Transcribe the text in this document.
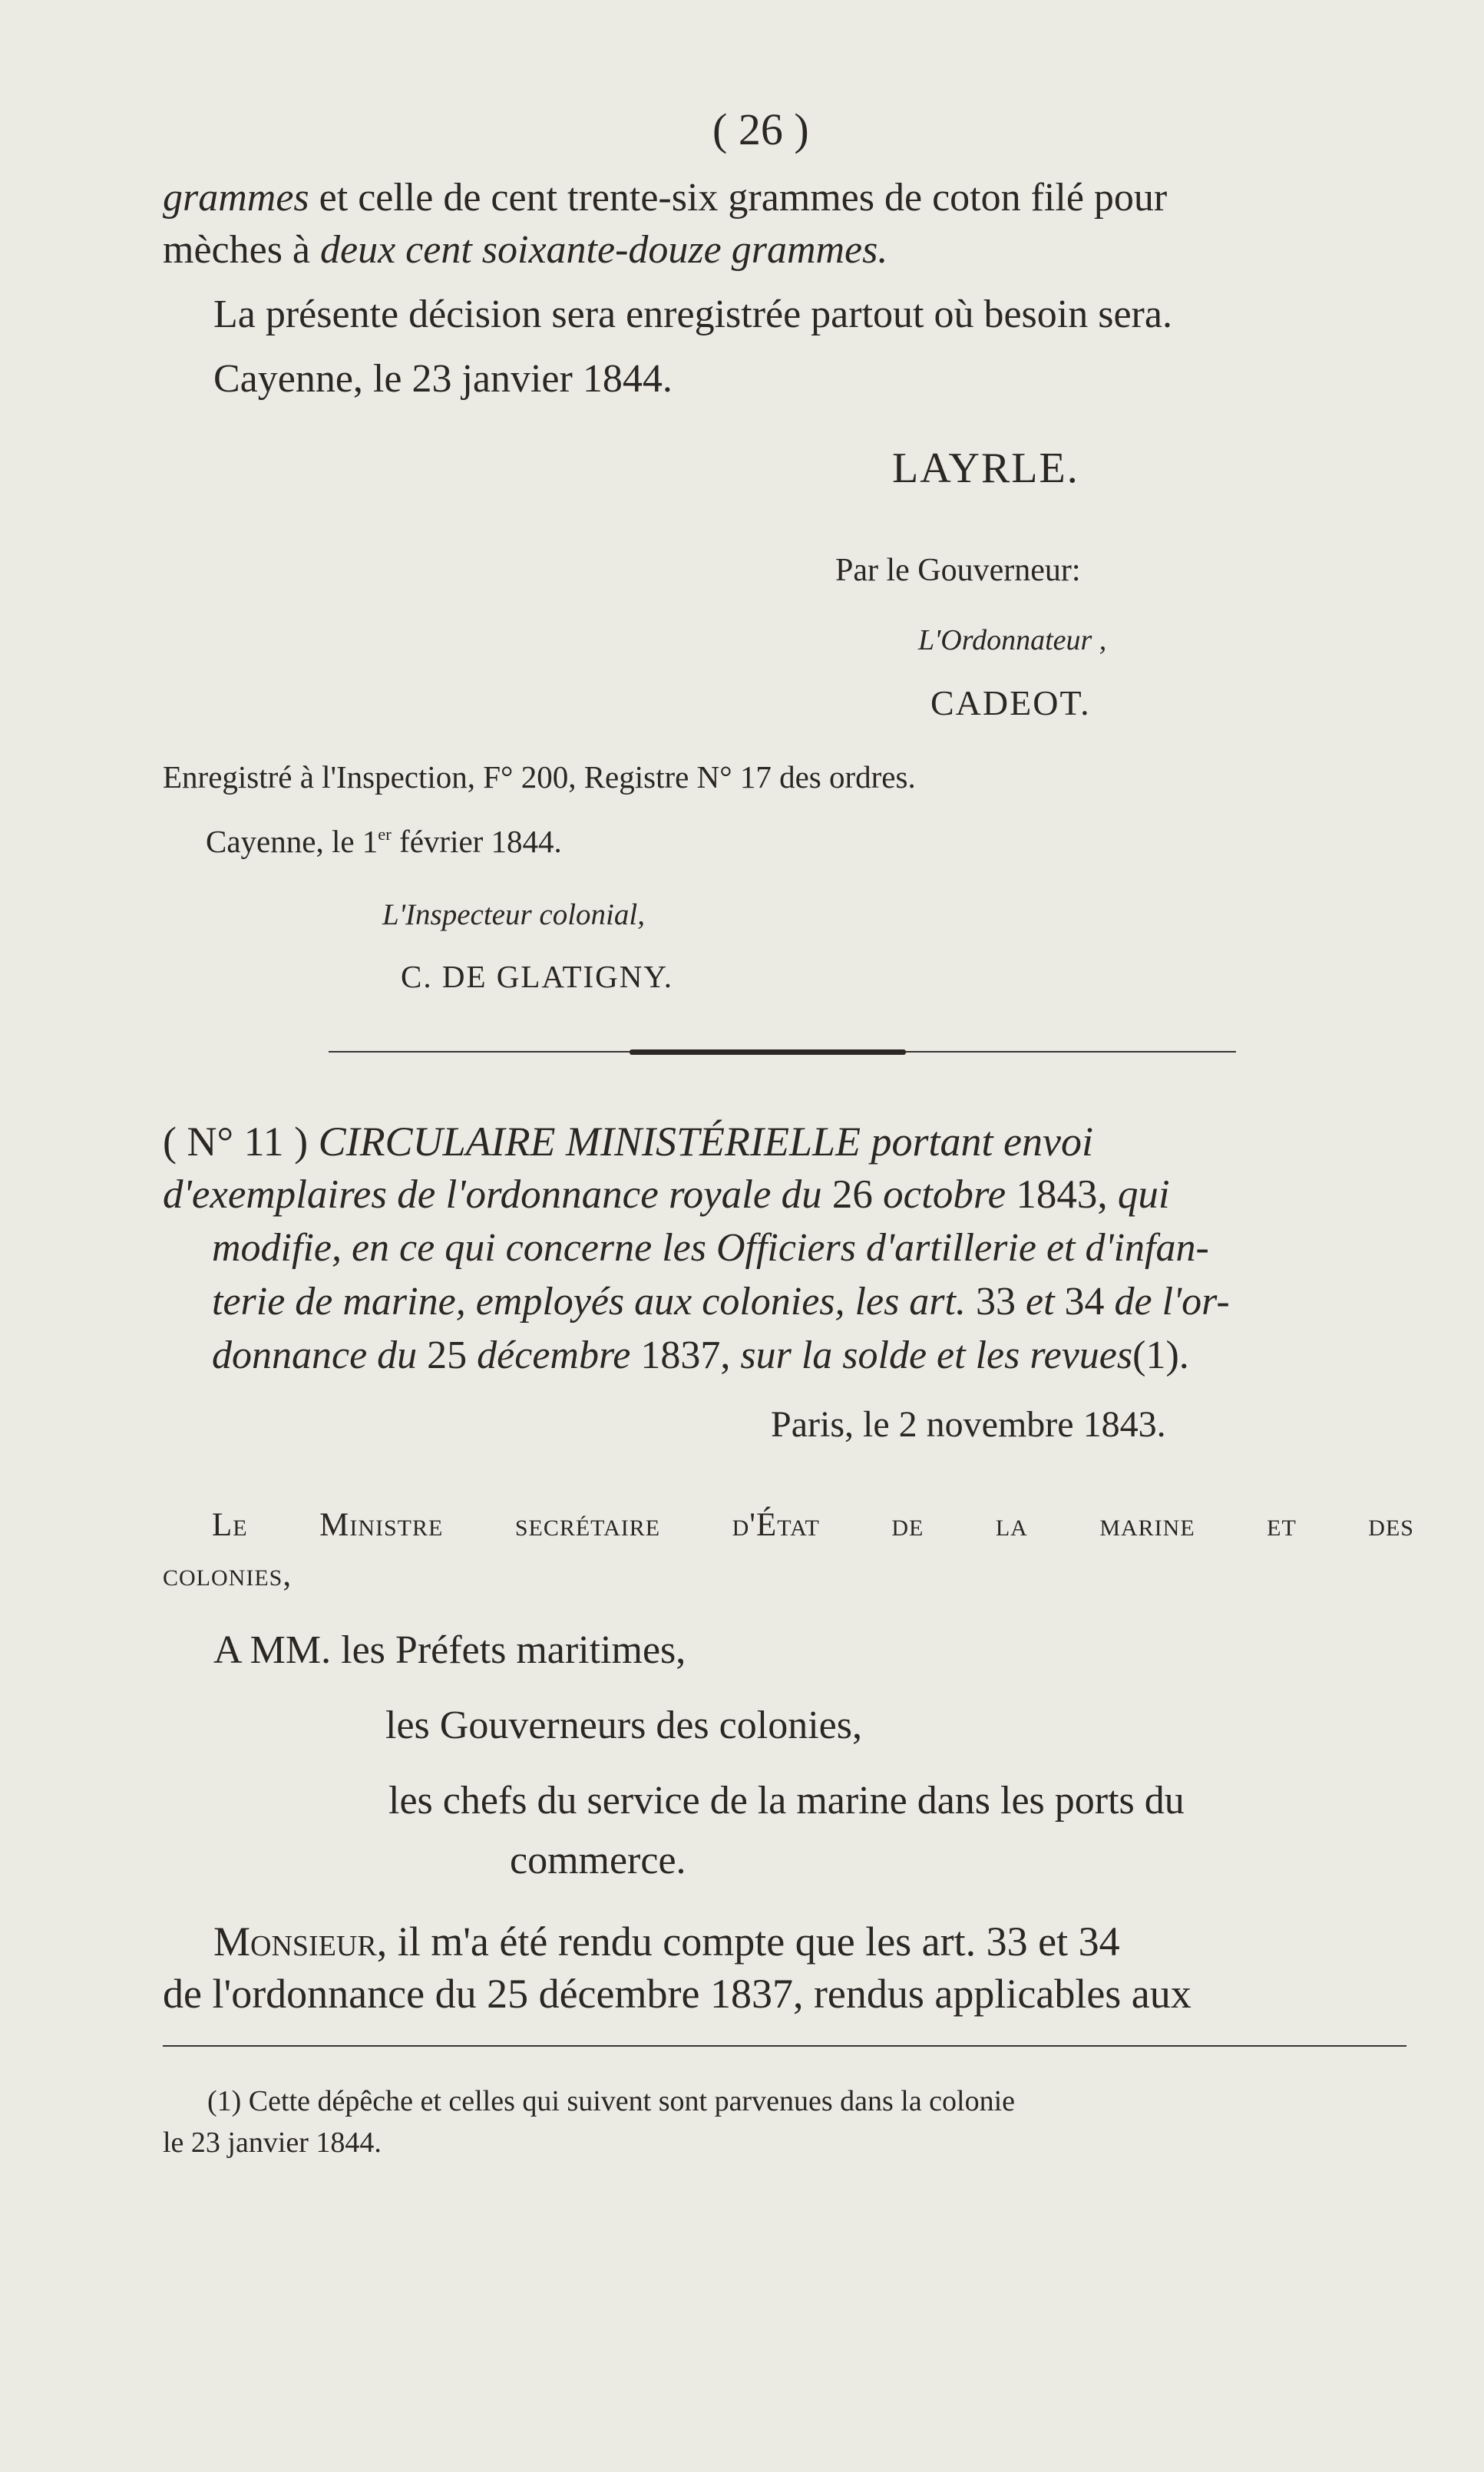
( 26 )
grammes et celle de cent trente-six grammes de coton filé pour
mèches à deux cent soixante-douze grammes.
La présente décision sera enregistrée partout où besoin sera.
Cayenne, le 23 janvier 1844.
LAYRLE.
Par le Gouverneur:
L'Ordonnateur ,
CADEOT.
Enregistré à l'Inspection, F° 200, Registre N° 17 des ordres.
Cayenne, le 1er février 1844.
L'Inspecteur colonial,
C. DE GLATIGNY.
( N° 11 ) CIRCULAIRE MINISTÉRIELLE portant envoi
d'exemplaires de l'ordonnance royale du 26 octobre 1843, qui
modifie, en ce qui concerne les Officiers d'artillerie et d'infan-
terie de marine, employés aux colonies, les art. 33 et 34 de l'or-
donnance du 25 décembre 1837, sur la solde et les revues(1).
Paris, le 2 novembre 1843.
Le Ministre secrétaire d'État de la marine et des
colonies,
A MM. les Préfets maritimes,
les Gouverneurs des colonies,
les chefs du service de la marine dans les ports du
commerce.
Monsieur, il m'a été rendu compte que les art. 33 et 34
de l'ordonnance du 25 décembre 1837, rendus applicables aux
(1) Cette dépêche et celles qui suivent sont parvenues dans la colonie
le 23 janvier 1844.
